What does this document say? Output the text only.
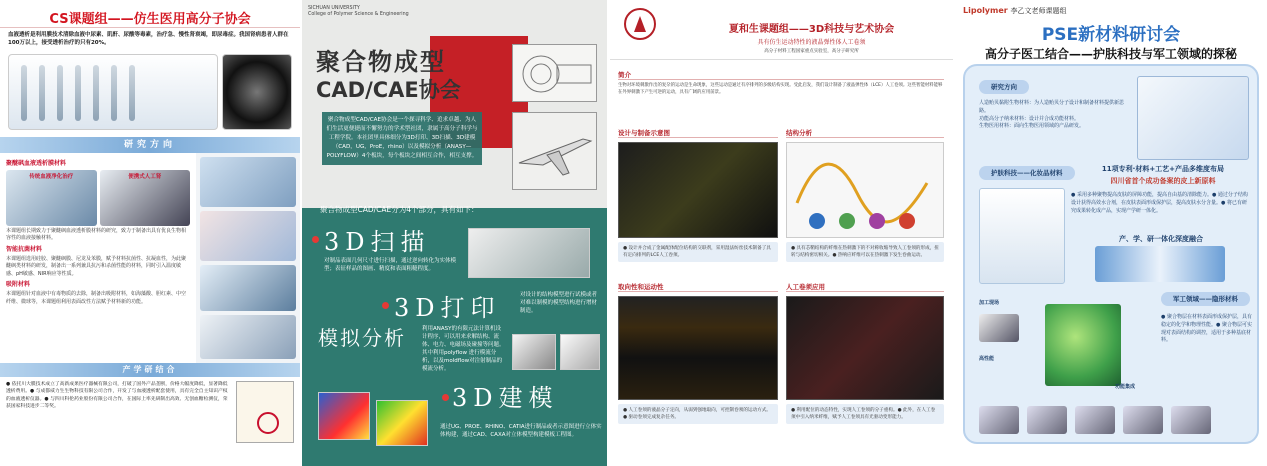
CS课题组——仿生医用高分子协会
血液透析是利用膜技术清除血液中尿素、肌酐、尿酸等毒素，治疗急、慢性肾衰竭，即尿毒症。我国肾病患者人群在100万以上，接受透析治疗的只有20%。
研究方向
聚醚砜血液透析膜材料
传统血液净化治疗	便携式人工肾
本课题组长期致力于聚醚砜血液透析膜材料的研究，致力于制备出具有优良生物相容性的血液接触材料。
智能抗菌材料
本课题组选用硅胶、聚醚砜膜、尼龙及苯膜，赋予材料抗菌性、抗凝血性，为此聚醚砜类材料的研发，制备出一系列兼具抗污和杀菌性能的材料，同时引入温度敏感、pH敏感、NIR响应等性质。
吸附材料
本课题组针对血液中有毒物质的去除，制备出吸附材料，如海藻酸、胆红素、中空纤维、微球等，本课题组利用表面改性方法赋予材料新的功能。
产学研结合
● 依托川大膜技术成立了高新成果医疗器械有限公司，打破了国外产品垄断，价格大幅度降低，显著降低透析费用。● 与成都威力生生物科技有限公司合作，开发了与血液透析配套使用，具有完全自主知识产权的血液透析仪器。● 与四川科伦药业股份有限公司合作，在国际上率先研制出高效、无创血糖检测仪，荣获国家科技进步二等奖。
SICHUAN UNIVERSITY
College of Polymer Science & Engineering
聚合物成型
CAD/CAE协会
聚合物成型CAD/CAE协会是一个探寻科学、追求卓越、为人们生活更便捷而不懈努力的学术型社团，隶属于高分子科学与工程学院。本社团里具体细分为3D打印、3D扫描、3D建模（CAD，UG，ProE，rhino）以及模拟分析（ANASY—POLYFLOW）4个板块，每个板块之间相互合作，相互支撑。
聚合物成型CAD/CAE分为4个部分，具有如下：
3D扫描
对制品表面几何尺寸进行扫描，通过逆向转化为实体模型；表征样品的图画、精度和表面粗糙程度。
3D打印	对设计的结构模型进行试模或者对难以制模的模型结构进行增材制造。
模拟分析	利用ANASY的有限元法计算机设计程序，可以用来求解结构、流体、电力、电磁场及碰撞等问题。其中利用polyflow 进行模流分析，以及moldflow对注射制品的模流分析。
3D建模
通过UG、PROE、RHINO、CATIA进行制品或者示意图进行立体实体构建，通过CAD、CAXA对立体模型构建模板工程图。
夏和生课题组——3D科技与艺术协会
具有仿生运动特性的液晶弹性体人工卷须
高分子材料工程国家重点实验室，高分子研究所
简介
生物对环境刺激作出的复杂的运动是生命现象，这些运动是通过有序排列的多级结构实现。受此启发，我们设计制备了液晶弹性体（LCE）人工卷须。这些智能材料能够在外界刺激下产生可逆的运动，具有广阔的应用前景。
设计与制备示意图	结构分析
● 设计并合成了金属配体配位结构的交联剂，采用湿法纺丝技术制备了具有定向排列的LCE人工卷须。
● 具有芯鞘结构的纤维在热刺激下的不对称收缩导致人工卷须的形成，扭转与结构密切相关。● 热响应纤维可以在热刺激下发生卷曲运动。
取向性和运动性	人工卷须应用
● 人工卷须的液晶分子定向，从弱到强地取向，可控制卷须的运动方式。● 驱动卷须完成复杂任务。
● 利用配位的动态特性，实现人工卷须的分子重构。● 此外，在人工卷须中引入纳米纤维，赋予人工卷须具有光驱动变形能力。
Lipolymer 李乙文老师课题组
PSE新材料研讨会
高分子医工结合——护肤科技与军工领域的探秘
研究方向
人造贻贝黏附生物材料：为人造贻贝分子设计和制备材料提供新思路。
功能高分子纳米材料：设计并合成功能材料。
生物医用材料：面向生物医用领域的产品研发。
11项专利·材料+工艺+产品多维度布局
四川省首个成功备案的皮上新原料
护肤科技——化妆品材料
● 采用多种聚物提高皮肤的屏障功能，提高自由基的清除能力。● 通过分子结构设计获得高效水合剂，在皮肤表面形成保护层，提高皮肤水分含量。● 将已有研究成果转化成产品，实现产学研一体化。
产、学、研一体化深度融合
军工领域——隐形材料
加工现场
高性能
功能集成
● 聚合物层在材料表面形成保护层，具有稳定的化学和物理性能。● 聚合物层可实现对表面结构的调控，适用于多种基底材料。
